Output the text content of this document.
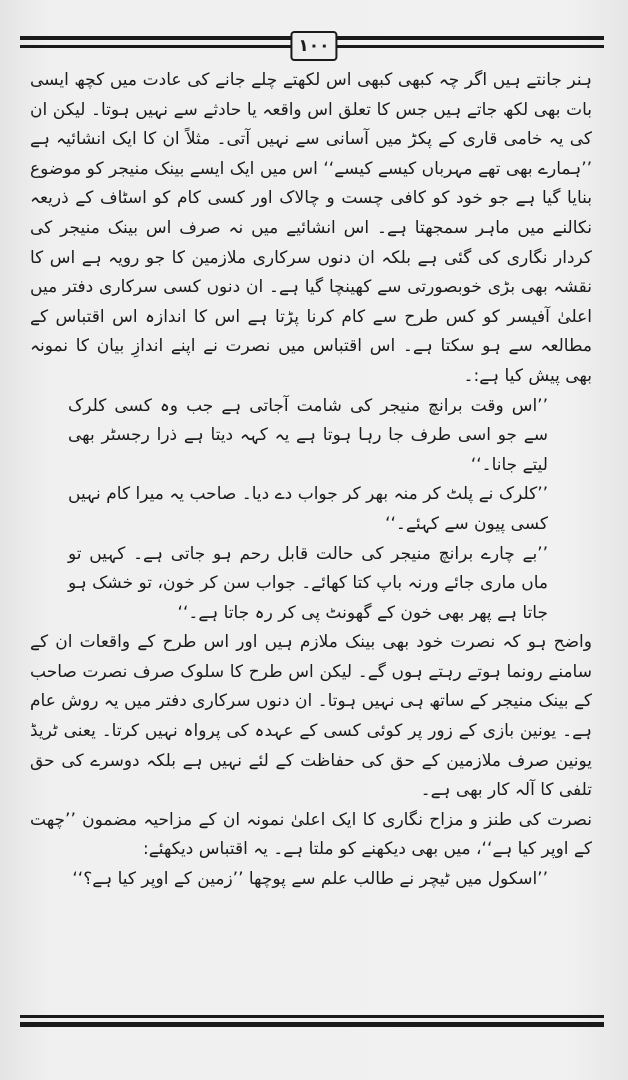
۱۰۰

ہنر جانتے ہیں اگر چہ کبھی کبھی اس لکھتے چلے جانے کی عادت میں کچھ ایسی بات بھی لکھ جاتے ہیں جس کا تعلق اس واقعہ یا حادثے سے نہیں ہوتا۔ لیکن ان کی یہ خامی قاری کے پکڑ میں آسانی سے نہیں آتی۔ مثلاً ان کا ایک انشائیہ ہے ’’ہمارے بھی تھے مہرباں کیسے کیسے‘‘ اس میں ایک ایسے بینک منیجر کو موضوع بنایا گیا ہے جو خود کو کافی چست و چالاک اور کسی کام کو اسٹاف کے ذریعہ نکالنے میں ماہر سمجھتا ہے۔ اس انشائیے میں نہ صرف اس بینک منیجر کی کردار نگاری کی گئی ہے بلکہ ان دنوں سرکاری ملازمین کا جو رویہ ہے اس کا نقشہ بھی بڑی خوبصورتی سے کھینچا گیا ہے۔ ان دنوں کسی سرکاری دفتر میں اعلیٰ آفیسر کو کس طرح سے کام کرنا پڑتا ہے اس کا اندازہ اس اقتباس کے مطالعہ سے ہو سکتا ہے۔ اس اقتباس میں نصرت نے اپنے اندازِ بیان کا نمونہ بھی پیش کیا ہے:۔

’’اس وقت برانچ منیجر کی شامت آجاتی ہے جب وہ کسی کلرک سے جو اسی طرف جا رہا ہوتا ہے یہ کہہ دیتا ہے ذرا رجسٹر بھی لیتے جانا۔‘‘

’’کلرک نے پلٹ کر منہ بھر کر جواب دے دیا۔ صاحب یہ میرا کام نہیں کسی پیون سے کہئے۔‘‘

’’بے چارے برانچ منیجر کی حالت قابل رحم ہو جاتی ہے۔ کہیں تو ماں ماری جائے ورنہ باپ کتا کھائے۔ جواب سن کر خون، تو خشک ہو جاتا ہے پھر بھی خون کے گھونٹ پی کر رہ جاتا ہے۔‘‘

واضح ہو کہ نصرت خود بھی بینک ملازم ہیں اور اس طرح کے واقعات ان کے سامنے رونما ہوتے رہتے ہوں گے۔ لیکن اس طرح کا سلوک صرف نصرت صاحب کے بینک منیجر کے ساتھ ہی نہیں ہوتا۔ ان دنوں سرکاری دفتر میں یہ روش عام ہے۔ یونین بازی کے زور پر کوئی کسی کے عہدہ کی پرواہ نہیں کرتا۔ یعنی ٹریڈ یونین صرف ملازمین کے حق کی حفاظت کے لئے نہیں ہے بلکہ دوسرے کی حق تلفی کا آلہ کار بھی ہے۔

نصرت کی طنز و مزاح نگاری کا ایک اعلیٰ نمونہ ان کے مزاحیہ مضمون ’’چھت کے اوپر کیا ہے‘‘، میں بھی دیکھنے کو ملتا ہے۔ یہ اقتباس دیکھئے:

’’اسکول میں ٹیچر نے طالب علم سے پوچھا ’’زمین کے اوپر کیا ہے؟‘‘
